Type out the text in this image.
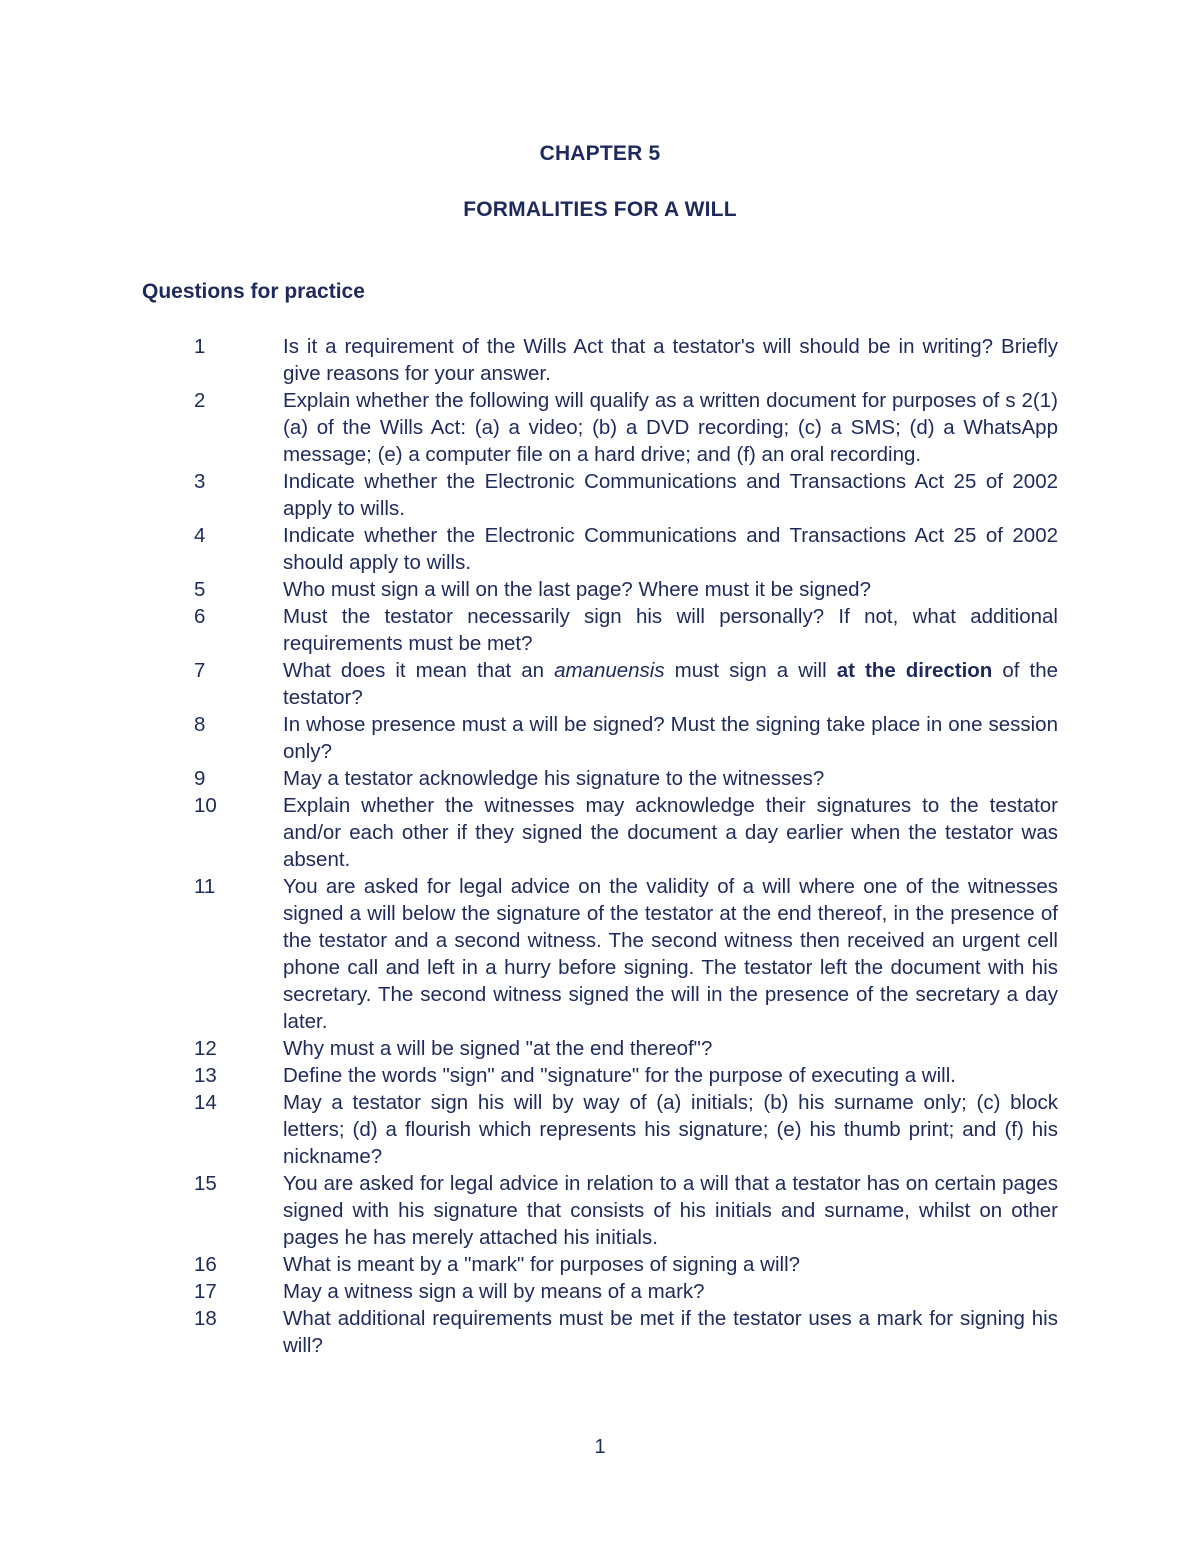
CHAPTER 5
FORMALITIES FOR A WILL
Questions for practice
1	Is it a requirement of the Wills Act that a testator's will should be in writing? Briefly give reasons for your answer.
2	Explain whether the following will qualify as a written document for purposes of s 2(1)(a) of the Wills Act: (a) a video; (b) a DVD recording; (c) a SMS; (d) a WhatsApp message; (e) a computer file on a hard drive; and (f) an oral recording.
3	Indicate whether the Electronic Communications and Transactions Act 25 of 2002 apply to wills.
4	Indicate whether the Electronic Communications and Transactions Act 25 of 2002 should apply to wills.
5	Who must sign a will on the last page? Where must it be signed?
6	Must the testator necessarily sign his will personally? If not, what additional requirements must be met?
7	What does it mean that an amanuensis must sign a will at the direction of the testator?
8	In whose presence must a will be signed? Must the signing take place in one session only?
9	May a testator acknowledge his signature to the witnesses?
10	Explain whether the witnesses may acknowledge their signatures to the testator and/or each other if they signed the document a day earlier when the testator was absent.
11	You are asked for legal advice on the validity of a will where one of the witnesses signed a will below the signature of the testator at the end thereof, in the presence of the testator and a second witness. The second witness then received an urgent cell phone call and left in a hurry before signing. The testator left the document with his secretary. The second witness signed the will in the presence of the secretary a day later.
12	Why must a will be signed "at the end thereof"?
13	Define the words "sign" and "signature" for the purpose of executing a will.
14	May a testator sign his will by way of (a) initials; (b) his surname only; (c) block letters; (d) a flourish which represents his signature; (e) his thumb print; and (f) his nickname?
15	You are asked for legal advice in relation to a will that a testator has on certain pages signed with his signature that consists of his initials and surname, whilst on other pages he has merely attached his initials.
16	What is meant by a "mark" for purposes of signing a will?
17	May a witness sign a will by means of a mark?
18	What additional requirements must be met if the testator uses a mark for signing his will?
1
